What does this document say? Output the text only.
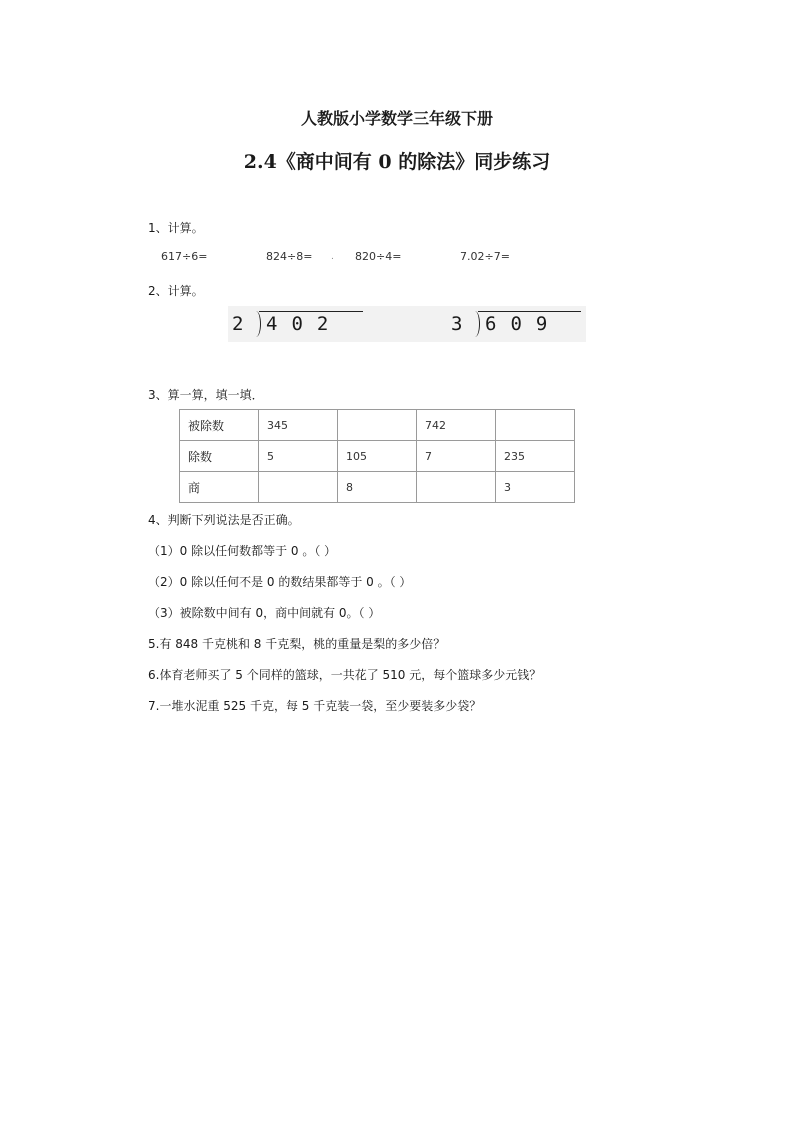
人教版小学数学三年级下册
2.4《商中间有 0 的除法》同步练习
1、计算。
617÷6=	824÷8= . 820÷4=	7.02÷7=
2、计算。
2 402	3 609
3、算一算，填一填．
被除数	345		742	
除数	5	105	7	235
商		8		3
4、判断下列说法是否正确。
（1）0 除以任何数都等于 0 。（ ）
（2）0 除以任何不是 0 的数结果都等于 0 。（ ）
（3）被除数中间有 0，商中间就有 0。（ ）
5.有 848 千克桃和 8 千克梨，桃的重量是梨的多少倍？
6.体育老师买了 5 个同样的篮球，一共花了 510 元，每个篮球多少元钱？
7.一堆水泥重 525 千克，每 5 千克装一袋，至少要装多少袋？
